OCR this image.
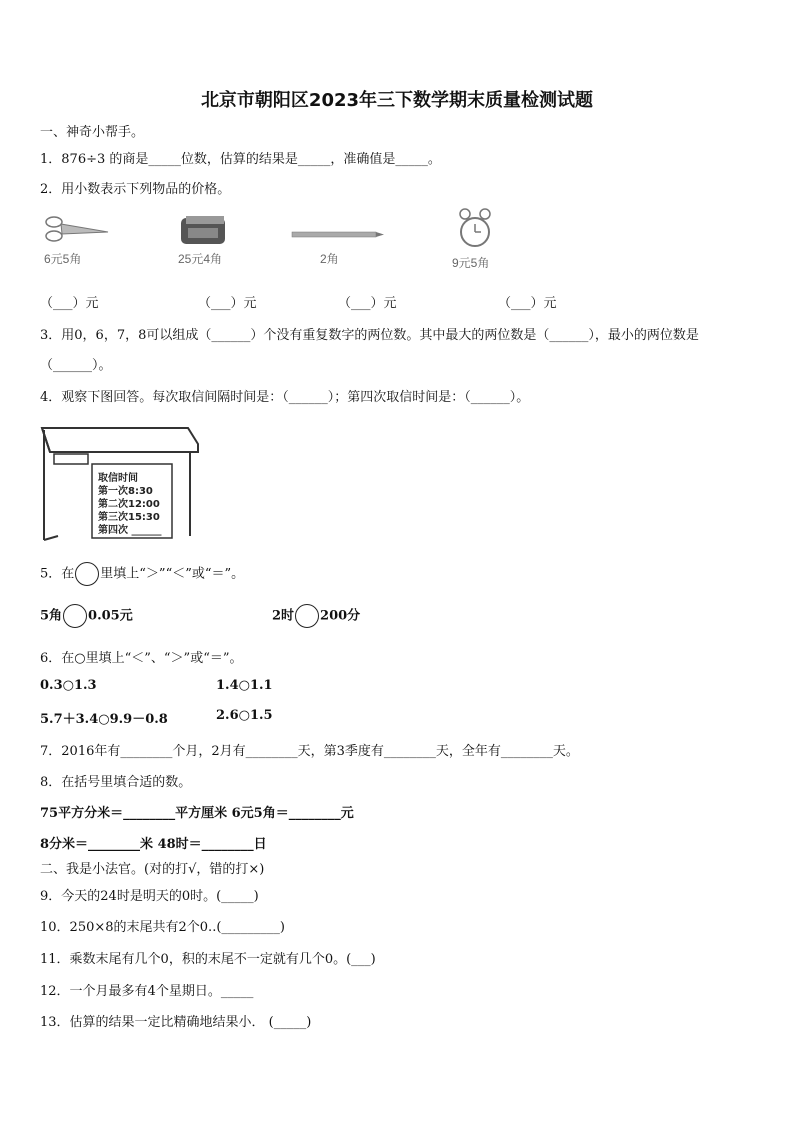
北京市朝阳区2023年三下数学期末质量检测试题
一、神奇小帮手。
1．876÷3 的商是_____位数，估算的结果是_____，准确值是_____。
2．用小数表示下列物品的价格。
6元5角	25元4角	2角	9元5角
（___）元	（___）元	（___）元	（___）元
3．用0，6，7，8可以组成（______）个没有重复数字的两位数。其中最大的两位数是（______），最小的两位数是
（______）。
4．观察下图回答。每次取信间隔时间是：（______）；第四次取信时间是：（______）。
取信时间
第一次8:30
第二次12:00
第三次15:30
第四次 ______
5．在 里填上“＞”“＜”或“＝”。
5角 0.05元	2时 200分
6．在○里填上“＜”、“＞”或“＝”。
0.3○1.3	1.4○1.1
5.7＋3.4○9.9－0.8	2.6○1.5
7．2016年有________个月，2月有________天，第3季度有________天，全年有________天。
8．在括号里填合适的数。
75平方分米＝________平方厘米 6元5角＝________元
8分米＝________米 48时＝________日
二、我是小法官。(对的打√，错的打×)
9．今天的24时是明天的0时。(_____)
10．250×8的末尾共有2个0..(_________)
11．乘数末尾有几个0，积的末尾不一定就有几个0。(___)
12．一个月最多有4个星期日。_____
13．估算的结果一定比精确地结果小． (_____)
